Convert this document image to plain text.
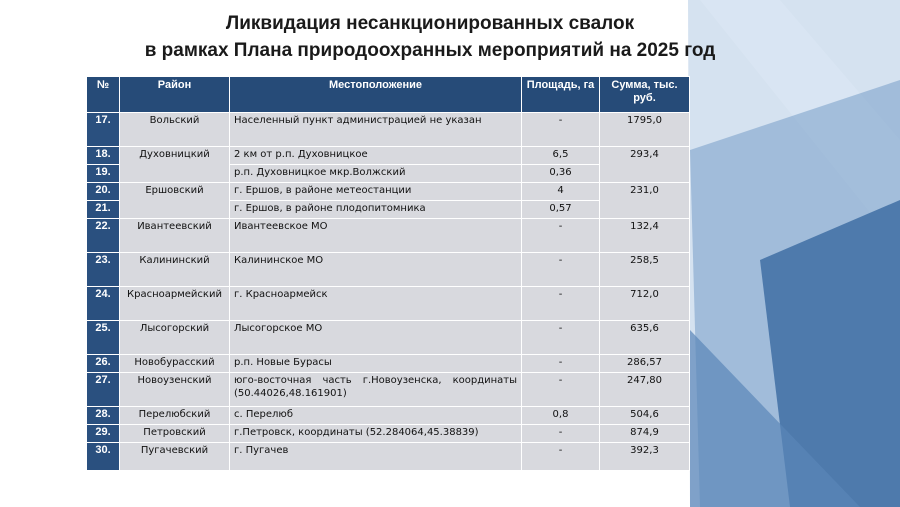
Ликвидация несанкционированных свалок
в рамках Плана природоохранных мероприятий на 2025 год
№	Район	Местоположение	Площадь, га	Сумма, тыс. руб.
17.	Вольский	Населенный пункт администрацией не указан	-	1795,0
18.	Духовницкий	2 км от р.п. Духовницкое	6,5	293,4
19.		р.п. Духовницкое мкр.Волжский	0,36	
20.	Ершовский	г. Ершов, в районе метеостанции	4	231,0
21.		г. Ершов, в районе плодопитомника	0,57	
22.	Ивантеевский	Ивантеевское МО	-	132,4
23.	Калининский	Калининское МО	-	258,5
24.	Красноармейский	г. Красноармейск	-	712,0
25.	Лысогорский	Лысогорское МО	-	635,6
26.	Новобурасский	р.п. Новые Бурасы	-	286,57
27.	Новоузенский	юго-восточная часть г.Новоузенска, координаты (50.44026,48.161901)	-	247,80
28.	Перелюбский	с. Перелюб	0,8	504,6
29.	Петровский	г.Петровск, координаты (52.284064,45.38839)	-	874,9
30.	Пугачевский	г. Пугачев	-	392,3
